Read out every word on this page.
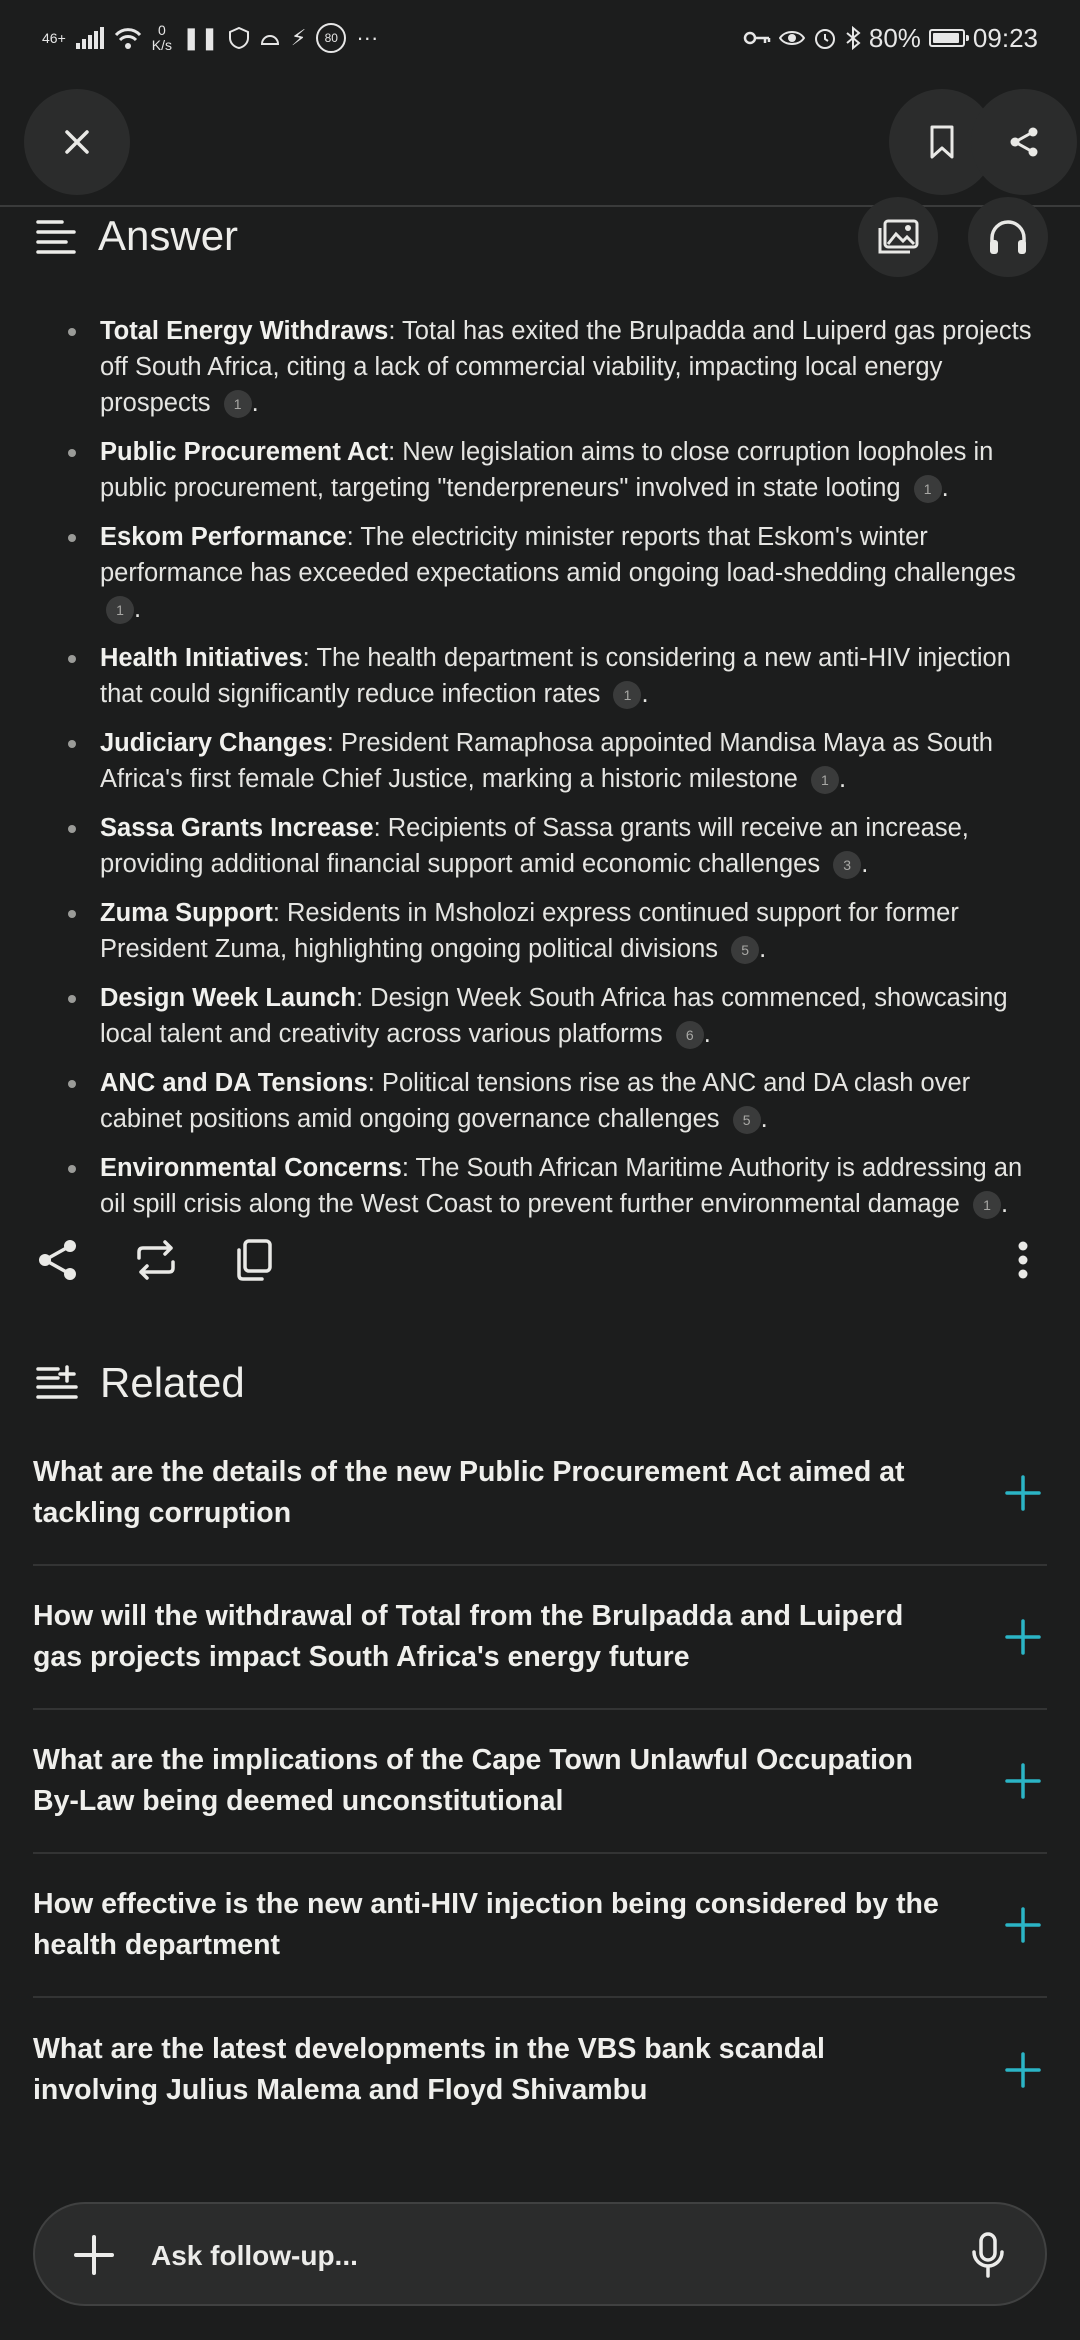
46+	0
K/s ❚❚	⚡	80 ···	80% 09:23
Answer
Total Energy Withdraws: Total has exited the Brulpadda and Luiperd gas projects off South Africa, citing a lack of commercial viability, impacting local energy prospects 1 .
Public Procurement Act: New legislation aims to close corruption loopholes in public procurement, targeting "tenderpreneurs" involved in state looting 1 .
Eskom Performance: The electricity minister reports that Eskom's winter performance has exceeded expectations amid ongoing load-shedding challenges 1 .
Health Initiatives: The health department is considering a new anti-HIV injection that could significantly reduce infection rates 1 .
Judiciary Changes: President Ramaphosa appointed Mandisa Maya as South Africa's first female Chief Justice, marking a historic milestone 1 .
Sassa Grants Increase: Recipients of Sassa grants will receive an increase, providing additional financial support amid economic challenges 3 .
Zuma Support: Residents in Msholozi express continued support for former President Zuma, highlighting ongoing political divisions 5 .
Design Week Launch: Design Week South Africa has commenced, showcasing local talent and creativity across various platforms 6 .
ANC and DA Tensions: Political tensions rise as the ANC and DA clash over cabinet positions amid ongoing governance challenges 5 .
Environmental Concerns: The South African Maritime Authority is addressing an oil spill crisis along the West Coast to prevent further environmental damage 1 .
Related
What are the details of the new Public Procurement Act aimed at tackling corruption
How will the withdrawal of Total from the Brulpadda and Luiperd gas projects impact South Africa's energy future
What are the implications of the Cape Town Unlawful Occupation By-Law being deemed unconstitutional
How effective is the new anti-HIV injection being considered by the health department
What are the latest developments in the VBS bank scandal involving Julius Malema and Floyd Shivambu
Ask follow-up...
